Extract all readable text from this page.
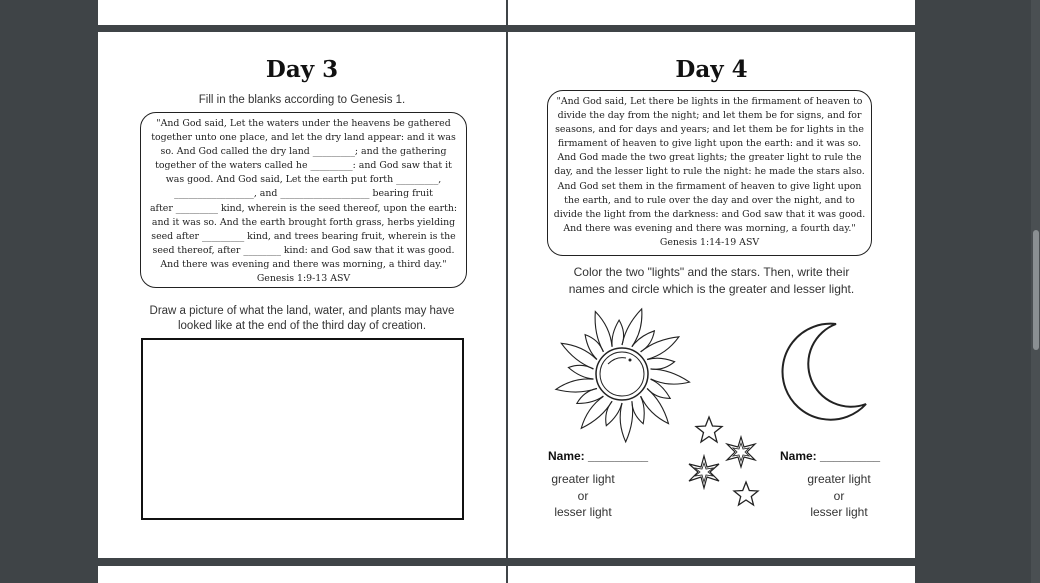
Day 3
Fill in the blanks according to Genesis 1.
"And God said, Let the waters under the heavens be gathered
together unto one place, and let the dry land appear: and it was
so. And God called the dry land _________; and the gathering
together of the waters called he _________: and God saw that it
was good. And God said, Let the earth put forth _________,
_________________, and ___________________ bearing fruit
after _________ kind, wherein is the seed thereof, upon the earth:
and it was so. And the earth brought forth grass, herbs yielding
seed after _________ kind, and trees bearing fruit, wherein is the
seed thereof, after ________ kind: and God saw that it was good.
And there was evening and there was morning, a third day."
Genesis 1:9-13 ASV
Draw a picture of what the land, water, and plants may have
looked like at the end of the third day of creation.
Day 4
"And God said, Let there be lights in the firmament of heaven to
divide the day from the night; and let them be for signs, and for
seasons, and for days and years; and let them be for lights in the
firmament of heaven to give light upon the earth: and it was so.
And God made the two great lights; the greater light to rule the
day, and the lesser light to rule the night: he made the stars also.
And God set them in the firmament of heaven to give light upon
the earth, and to rule over the day and over the night, and to
divide the light from the darkness: and God saw that it was good.
And there was evening and there was morning, a fourth day."
Genesis 1:14-19 ASV
Color the two "lights" and the stars. Then, write their
names and circle which is the greater and lesser light.
Name: _________
greater light
or
lesser light
Name: _________
greater light
or
lesser light
